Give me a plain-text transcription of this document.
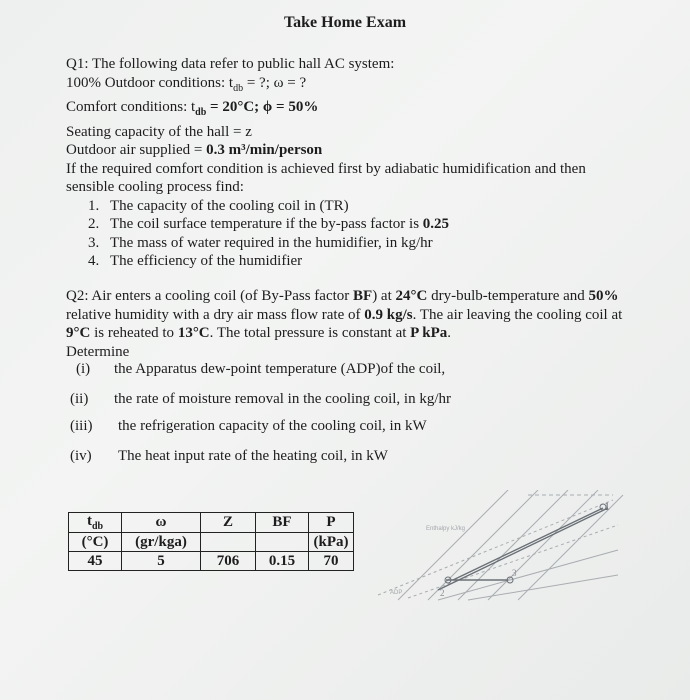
Take Home Exam
Q1: The following data refer to public hall AC system:
100% Outdoor conditions: $t_{db}$ = ?; ω = ?
Comfort conditions: $t_{db} = 20^\circ C$; ϕ = 50%
Seating capacity of the hall = z
Outdoor air supplied = 0.3 m³/min/person
If the required comfort condition is achieved first by adiabatic humidification and then sensible cooling process find:
1. The capacity of the cooling coil in (TR)
2. The coil surface temperature if the by-pass factor is 0.25
3. The mass of water required in the humidifier, in kg/hr
4. The efficiency of the humidifier
Q2: Air enters a cooling coil (of By-Pass factor BF) at 24°C dry-bulb-temperature and 50% relative humidity with a dry air mass flow rate of 0.9 kg/s. The air leaving the cooling coil at 9°C is reheated to 13°C. The total pressure is constant at P kPa.
Determine
(i)	the Apparatus dew-point temperature (ADP)of the coil,
(ii)	the rate of moisture removal in the cooling coil, in kg/hr
(iii)	the refrigeration capacity of the cooling coil, in kW
(iv)	The heat input rate of the heating coil, in kW
$t_{db}$	ω	Z	BF	P
(°C)	(gr/kga)			(kPa)
45	5	706	0.15	70
1
2
3
Enthalpy kJ/kg
ADP
